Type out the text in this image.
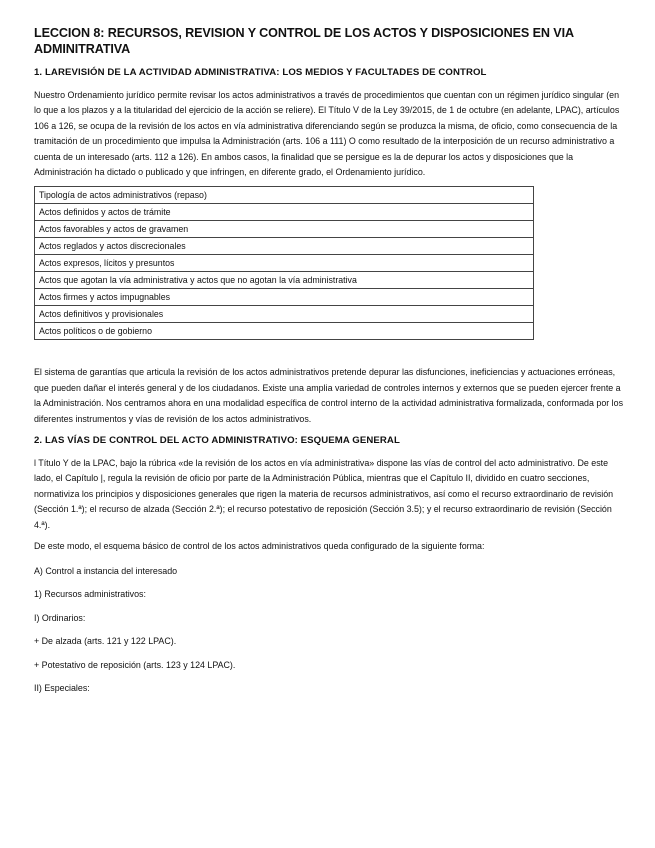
LECCION 8: RECURSOS, REVISION Y CONTROL DE LOS ACTOS Y DISPOSICIONES EN VIA ADMINITRATIVA
1. LAREVISIÓN DE LA ACTIVIDAD ADMINISTRATIVA: LOS MEDIOS Y FACULTADES DE CONTROL

Nuestro Ordenamiento jurídico permite revisar los actos administrativos a través de procedimientos que cuentan con un régimen jurídico singular (en lo que a los plazos y a la titularidad del ejercicio de la acción se reliere). El Título V de la Ley 39/2015, de 1 de octubre (en adelante, LPAC), artículos 106 a 126, se ocupa de la revisión de los actos en vía administrativa diferenciando según se produzca la misma, de oficio, como consecuencia de la tramitación de un procedimiento que impulsa la Administración (arts. 106 a 111) O como resultado de la interposición de un recurso administrativo a cuenta de un interesado (arts. 112 a 126). En ambos casos, la finalidad que se persigue es la de depurar los actos y disposiciones que la Administración ha dictado o publicado y que infringen, en diferente grado, el Ordenamiento jurídico.

Tipología de actos administrativos (repaso)
Actos definidos y actos de trámite
Actos favorables y actos de gravamen
Actos reglados y actos discrecionales
Actos expresos, lícitos y presuntos
Actos que agotan la vía administrativa y actos que no agotan la vía administrativa
Actos firmes y actos impugnables
Actos definitivos y provisionales
Actos políticos o de gobierno

El sistema de garantías que articula la revisión de los actos administrativos pretende depurar las disfunciones, ineficiencias y actuaciones erróneas, que pueden dañar el interés general y de los ciudadanos. Existe una amplia variedad de controles internos y externos que se pueden ejercer frente a la Administración. Nos centramos ahora en una modalidad específica de control interno de la actividad administrativa formalizada, conformada por los diferentes instrumentos y vías de revisión de los actos administrativos.

2. LAS VÍAS DE CONTROL DEL ACTO ADMINISTRATIVO: ESQUEMA GENERAL

l Título Y de la LPAC, bajo la rúbrica «de la revisión de los actos en vía administrativa» dispone las vías de control del acto administrativo. De este lado, el Capítulo |, regula la revisión de oficio por parte de la Administración Pública, mientras que el Capítulo II, dividido en cuatro secciones, normativiza los principios y disposiciones generales que rigen la materia de recursos administrativos, así como el recurso extraordinario de revisión (Sección 1.ª); el recurso de alzada (Sección 2.ª); el recurso potestativo de reposición (Sección 3.5); y el recurso extraordinario de revisión (Sección 4.ª).

De este modo, el esquema básico de control de los actos administrativos queda configurado de la siguiente forma:

A) Control a instancia del interesado
1) Recursos administrativos:
I) Ordinarios:
+ De alzada (arts. 121 y 122 LPAC).
+ Potestativo de reposición (arts. 123 y 124 LPAC).
II) Especiales:
